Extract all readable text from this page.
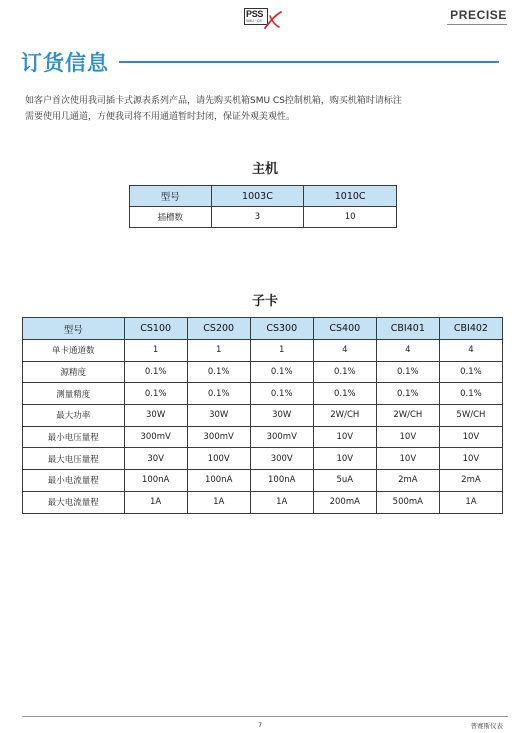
PSS
SMU · CS	PRECISE
订货信息
如客户首次使用我司插卡式源表系列产品，请先购买机箱SMU CS控制机箱，购买机箱时请标注
需要使用几通道，方便我司将不用通道暂时封闭，保证外观美观性。
主机
型号	1003C	1010C
插槽数	3	10
子卡
型号	CS100	CS200	CS300	CS400	CBI401	CBI402
单卡通道数	1	1	1	4	4	4
源精度	0.1%	0.1%	0.1%	0.1%	0.1%	0.1%
测量精度	0.1%	0.1%	0.1%	0.1%	0.1%	0.1%
最大功率	30W	30W	30W	2W/CH	2W/CH	5W/CH
最小电压量程	300mV	300mV	300mV	10V	10V	10V
最大电压量程	30V	100V	300V	10V	10V	10V
最小电流量程	100nA	100nA	100nA	5uA	2mA	2mA
最大电流量程	1A	1A	1A	200mA	500mA	1A
7	普赛斯仪表
